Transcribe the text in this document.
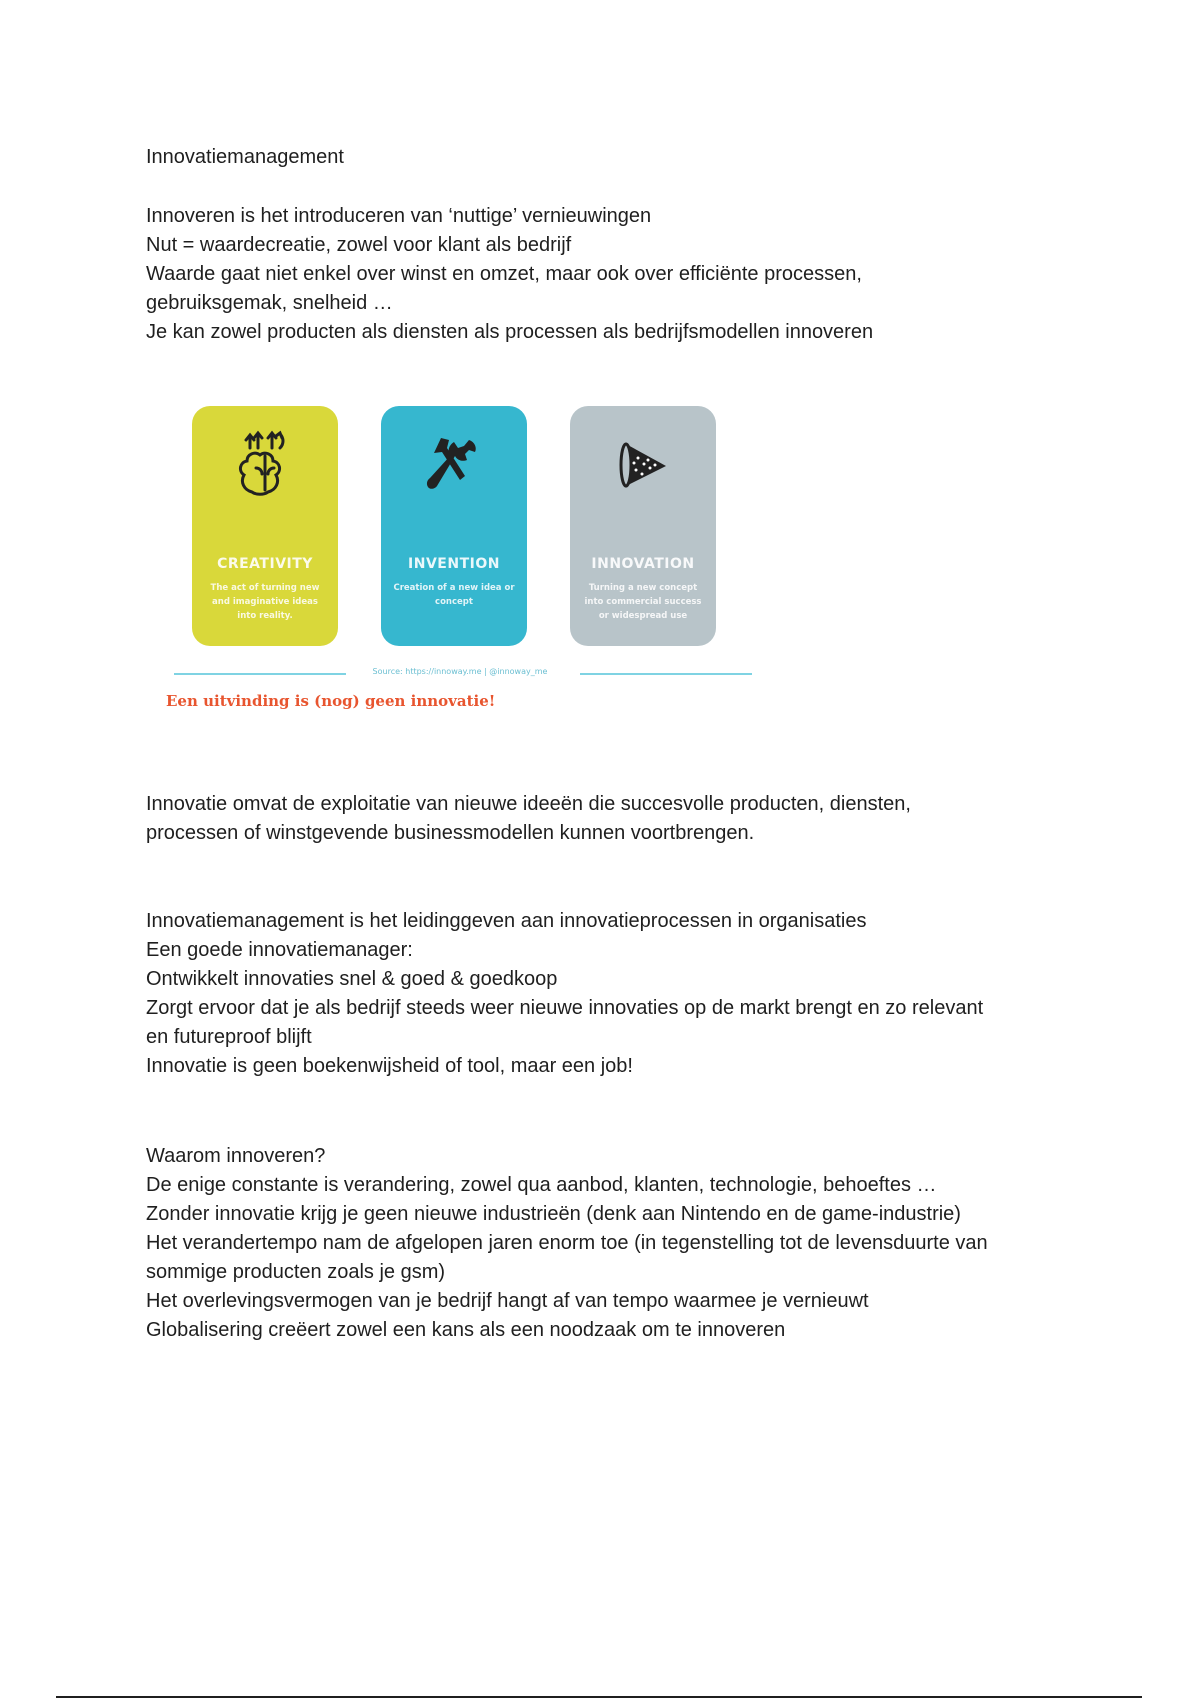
Innovatiemanagement

Innoveren is het introduceren van ‘nuttige’ vernieuwingen

Nut = waardecreatie, zowel voor klant als bedrijf

Waarde gaat niet enkel over winst en omzet, maar ook over efficiënte processen, gebruiksgemak, snelheid …

Je kan zowel producten als diensten als processen als bedrijfsmodellen innoveren

Innovatie omvat de exploitatie van nieuwe ideeën die succesvolle producten, diensten, processen of winstgevende businessmodellen kunnen voortbrengen.

Innovatiemanagement is het leidinggeven aan innovatieprocessen in organisaties

Een goede innovatiemanager:

Ontwikkelt innovaties snel & goed & goedkoop

Zorgt ervoor dat je als bedrijf steeds weer nieuwe innovaties op de markt brengt en zo relevant en futureproof blijft

Innovatie is geen boekenwijsheid of tool, maar een job!

Waarom innoveren?

De enige constante is verandering, zowel qua aanbod, klanten, technologie, behoeftes …

Zonder innovatie krijg je geen nieuwe industrieën (denk aan Nintendo en de game-industrie)

Het verandertempo nam de afgelopen jaren enorm toe (in tegenstelling tot de levensduurte van sommige producten zoals je gsm)

Het overlevingsvermogen van je bedrijf hangt af van tempo waarmee je vernieuwt

Globalisering creëert zowel een kans als een noodzaak om te innoveren

CREATIVITY
The act of turning new and imaginative ideas into reality.
INVENTION
Creation of a new idea or concept
INNOVATION
Turning a new concept into commercial success or widespread use
Source: https://innoway.me | @innoway_me
Een uitvinding is (nog) geen innovatie!
